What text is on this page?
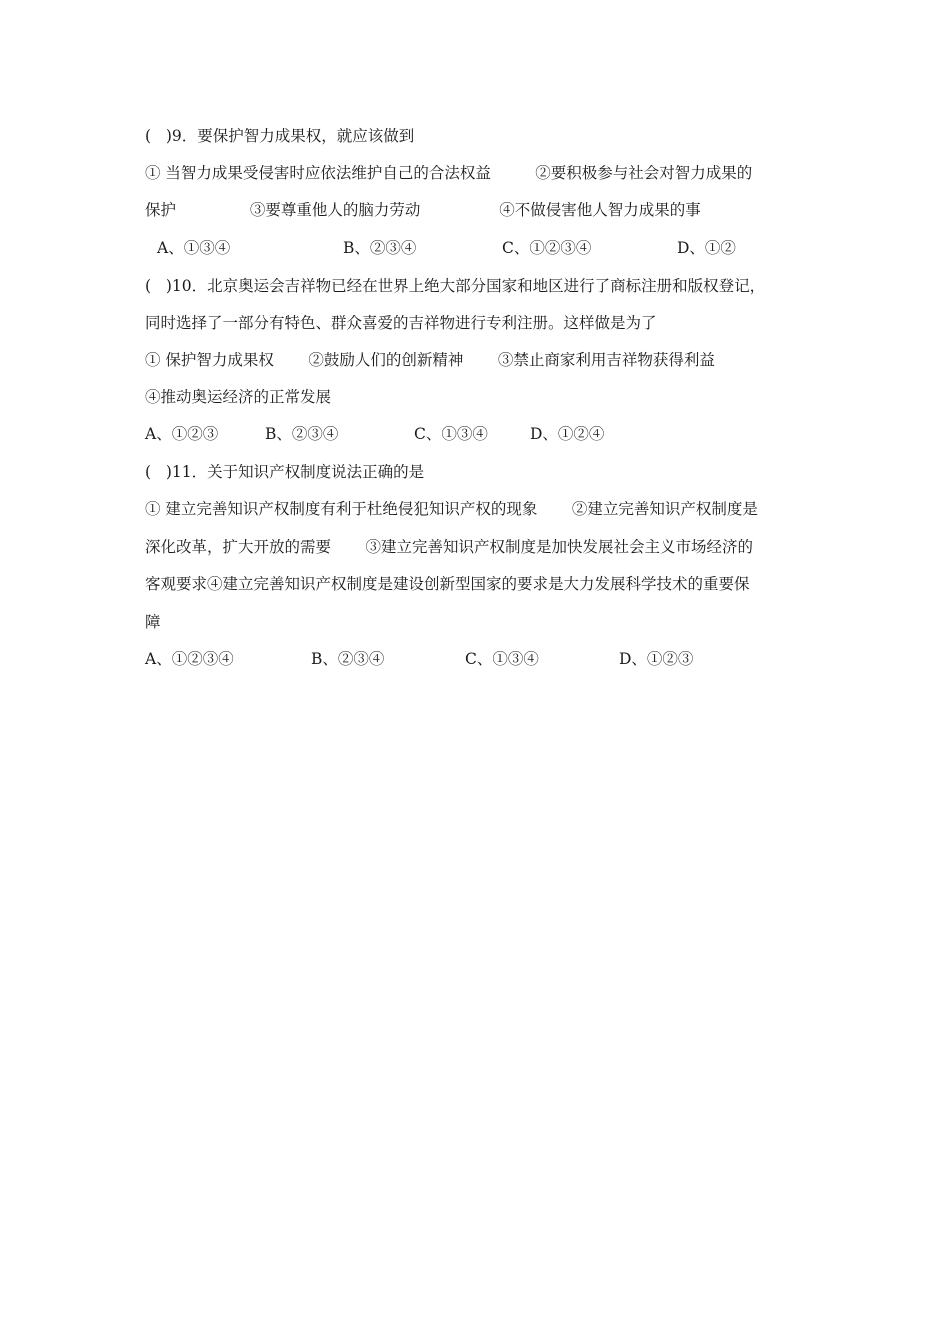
(   )9．要保护智力成果权，就应该做到
① 当智力成果受侵害时应依法维护自己的合法权益         ②要积极参与社会对智力成果的
保护               ③要尊重他人的脑力劳动                ④不做侵害他人智力成果的事

A、①③④

	B、②③④

	C、①②③④

	D、①②

(   )10．北京奥运会吉祥物已经在世界上绝大部分国家和地区进行了商标注册和版权登记，
同时选择了一部分有特色、群众喜爱的吉祥物进行专利注册。这样做是为了
① 保护智力成果权       ②鼓励人们的创新精神       ③禁止商家利用吉祥物获得利益
④推动奥运经济的正常发展

A、①②③

	B、②③④

	C、①③④

	D、①②④

(   )11．关于知识产权制度说法正确的是
① 建立完善知识产权制度有利于杜绝侵犯知识产权的现象       ②建立完善知识产权制度是
深化改革，扩大开放的需要       ③建立完善知识产权制度是加快发展社会主义市场经济的
客观要求④建立完善知识产权制度是建设创新型国家的要求是大力发展科学技术的重要保
障

A、①②③④

	B、②③④

	C、①③④

	D、①②③
